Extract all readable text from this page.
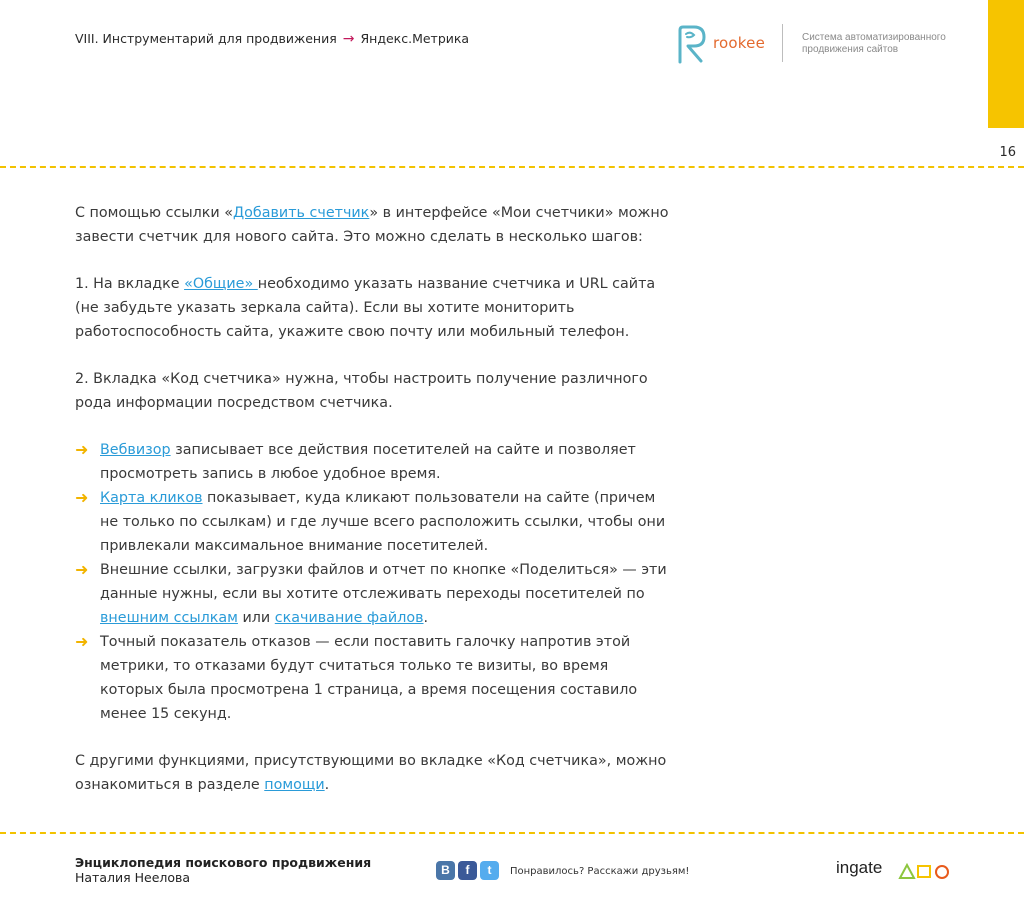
VIII. Инструментарий для продвижения → Яндекс.Метрика	rookee	Система автоматизированного продвижения сайтов
16

С помощью ссылки «Добавить счетчик» в интерфейсе «Мои счетчики» можно завести счетчик для нового сайта. Это можно сделать в несколько шагов:

1. На вкладке «Общие» необходимо указать название счетчика и URL сайта (не забудьте указать зеркала сайта). Если вы хотите мониторить работоспособность сайта, укажите свою почту или мобильный телефон.

2. Вкладка «Код счетчика» нужна, чтобы настроить получение различного рода информации посредством счетчика.

➜ Вебвизор записывает все действия посетителей на сайте и позволяет просмотреть запись в любое удобное время.

➜ Карта кликов показывает, куда кликают пользователи на сайте (причем не только по ссылкам) и где лучше всего расположить ссылки, чтобы они привлекали максимальное внимание посетителей.

➜ Внешние ссылки, загрузки файлов и отчет по кнопке «Поделиться» — эти данные нужны, если вы хотите отслеживать переходы посетителей по внешним ссылкам или скачивание файлов.

➜ Точный показатель отказов — если поставить галочку напротив этой метрики, то отказами будут считаться только те визиты, во время которых была просмотрена 1 страница, а время посещения составило менее 15 секунд.

С другими функциями, присутствующими во вкладке «Код счетчика», можно ознакомиться в разделе помощи.

Энциклопедия поискового продвижения
Наталия Неелова	В	f	t	Понравилось? Расскажи друзьям!	ingate
